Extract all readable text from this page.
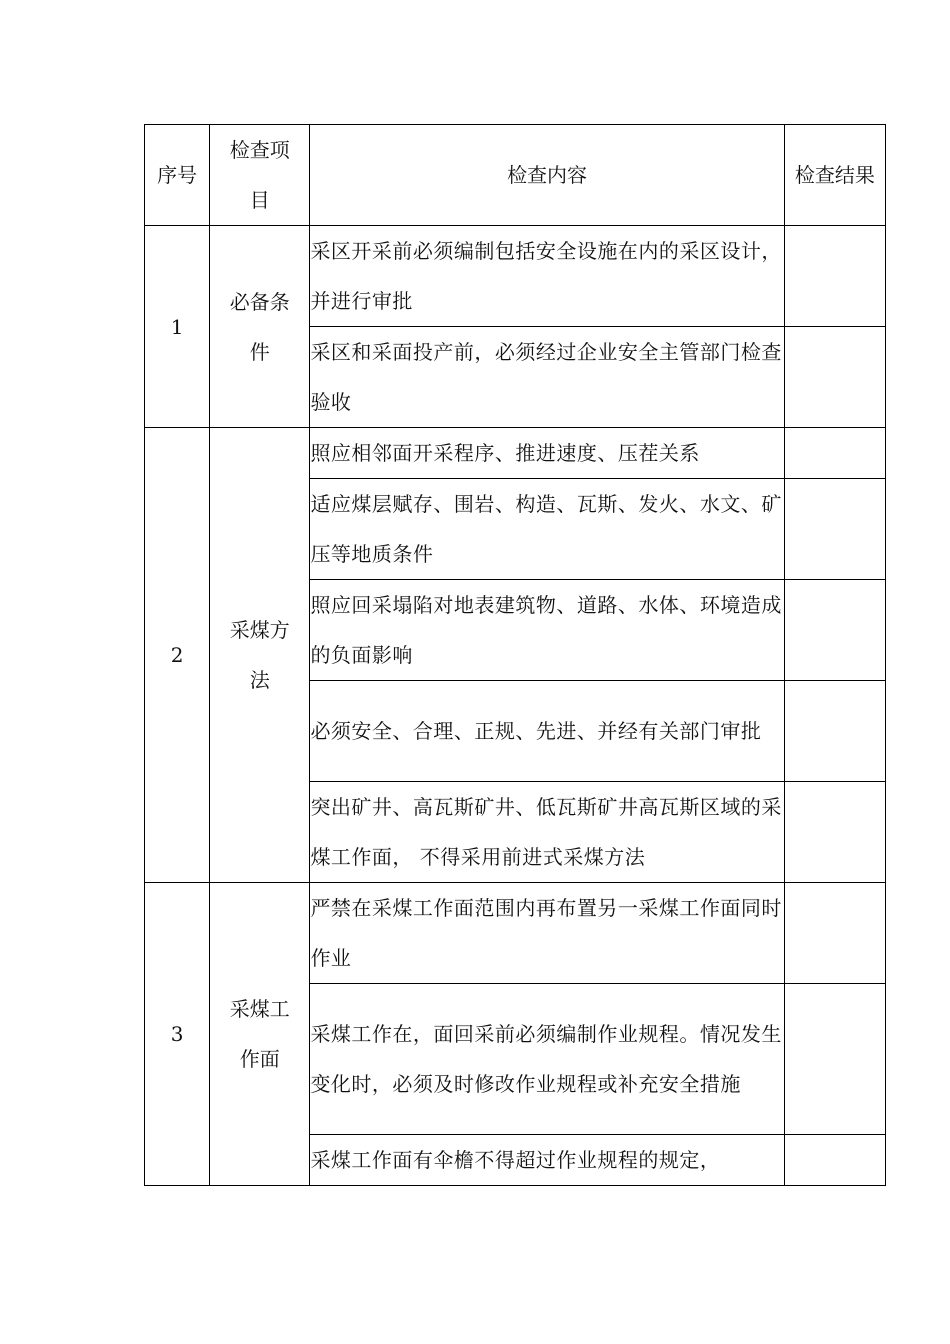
序号	检查项目	检查内容	检查结果

1	必备条件	采区开采前必须编制包括安全设施在内的采区设计，并进行审批	
		采区和采面投产前，必须经过企业安全主管部门检查验收	
2	采煤方法	照应相邻面开采程序、推进速度、压茬关系	
		适应煤层赋存、围岩、构造、瓦斯、发火、水文、矿压等地质条件	
		照应回采塌陷对地表建筑物、道路、水体、环境造成的负面影响	
		必须安全、合理、正规、先进、并经有关部门审批	
		突出矿井、高瓦斯矿井、低瓦斯矿井高瓦斯区域的采煤工作面， 不得采用前进式采煤方法	
3	采煤工作面	严禁在采煤工作面范围内再布置另一采煤工作面同时作业	
		采煤工作在，面回采前必须编制作业规程。情况发生变化时，必须及时修改作业规程或补充安全措施	
		采煤工作面有伞檐不得超过作业规程的规定，	
